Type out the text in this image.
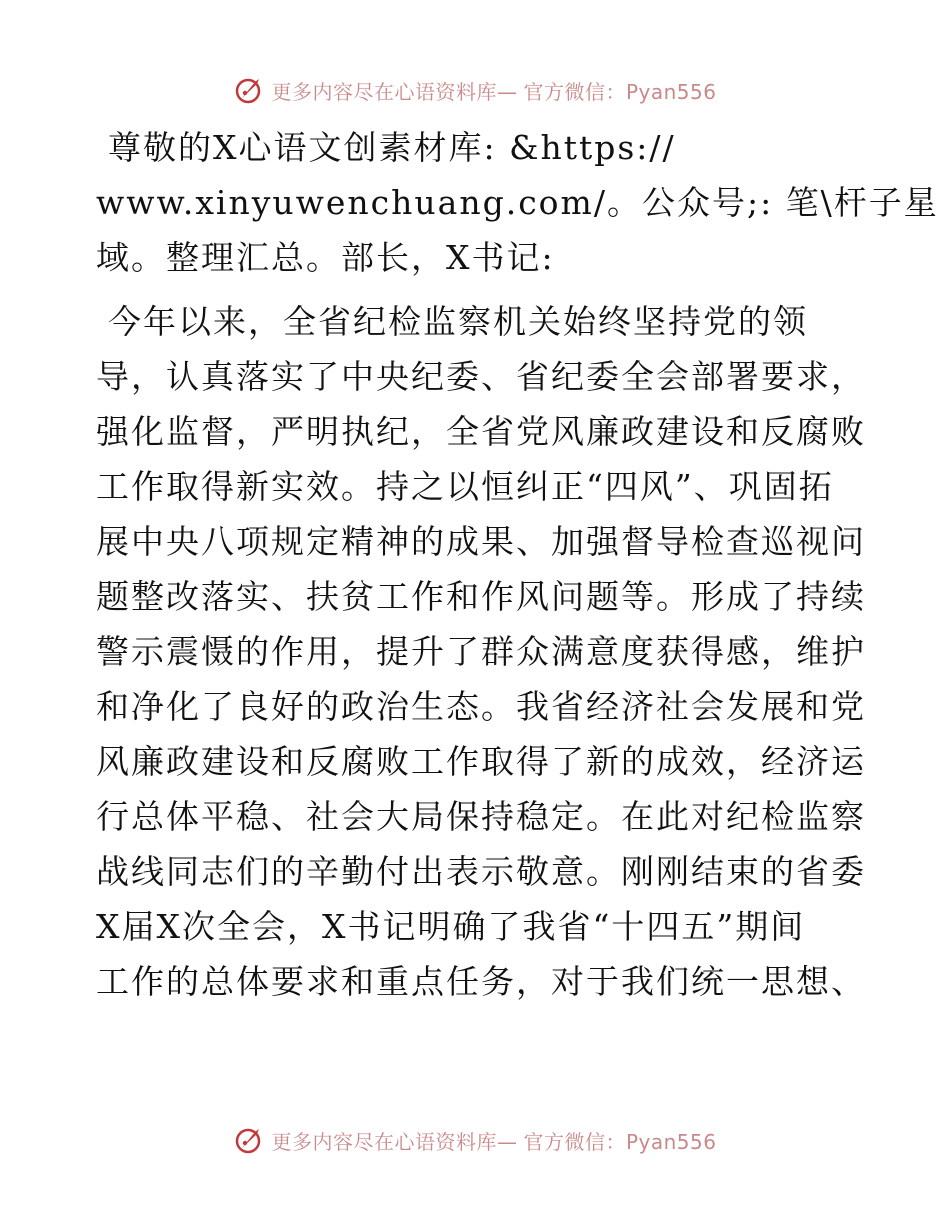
更多内容尽在心语资料库— 官方微信：Pyan556

尊敬的X心语文创素材库: &https://
www.xinyuwenchuang.com/。公众号;: 笔\杆子星
域。整理汇总。部长，X书记:

今年以来，全省纪检监察机关始终坚持党的领
导，认真落实了中央纪委、省纪委全会部署要求，
强化监督，严明执纪，全省党风廉政建设和反腐败
工作取得新实效。持之以恒纠正“四风”、巩固拓
展中央八项规定精神的成果、加强督导检查巡视问
题整改落实、扶贫工作和作风问题等。形成了持续
警示震慑的作用，提升了群众满意度获得感，维护
和净化了良好的政治生态。我省经济社会发展和党
风廉政建设和反腐败工作取得了新的成效，经济运
行总体平稳、社会大局保持稳定。在此对纪检监察
战线同志们的辛勤付出表示敬意。刚刚结束的省委
X届X次全会，X书记明确了我省“十四五”期间
工作的总体要求和重点任务，对于我们统一思想、

更多内容尽在心语资料库— 官方微信：Pyan556
